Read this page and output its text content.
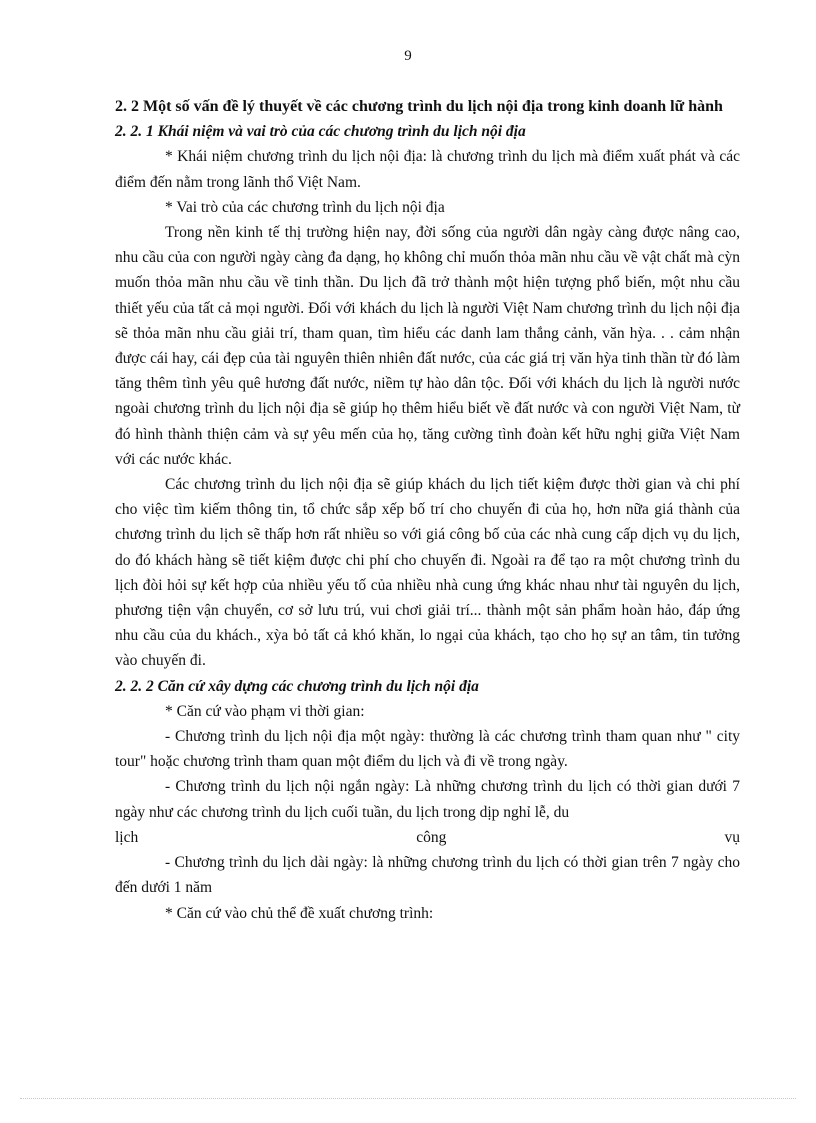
9

2. 2 Một số vấn đề lý thuyết về các chương trình du lịch nội địa trong kinh doanh lữ hành

2. 2. 1 Khái niệm và vai trò của các chương trình du lịch nội địa

* Khái niệm chương trình du lịch nội địa: là chương trình du lịch mà điểm xuất phát và các điểm đến nằm trong lãnh thổ Việt Nam.

* Vai trò của các chương trình du lịch nội địa

Trong nền kinh tế thị trường hiện nay, đời sống của người dân ngày càng được nâng cao, nhu cầu của con người ngày càng đa dạng, họ không chỉ muốn thỏa mãn nhu cầu về vật chất mà cỳn muốn thỏa mãn nhu cầu về tinh thần. Du lịch đã trở thành một hiện tượng phổ biến, một nhu cầu thiết yếu của tất cả mọi người. Đối với khách du lịch là người Việt Nam chương trình du lịch nội địa sẽ thỏa mãn nhu cầu giải trí, tham quan, tìm hiểu các danh lam thắng cảnh, văn hỳa. . . cảm nhận được cái hay, cái đẹp của tài nguyên thiên nhiên đất nước, của các giá trị văn hỳa tinh thần từ đó làm tăng thêm tình yêu quê hương đất nước, niềm tự hào dân tộc. Đối với khách du lịch là người nước ngoài chương trình du lịch nội địa sẽ giúp họ thêm hiểu biết về đất nước và con người Việt Nam, từ đó hình thành thiện cảm và sự yêu mến của họ, tăng cường tình đoàn kết hữu nghị giữa Việt Nam với các nước khác.

Các chương trình du lịch nội địa sẽ giúp khách du lịch tiết kiệm được thời gian và chi phí cho việc tìm kiếm thông tin, tổ chức sắp xếp bố trí cho chuyến đi của họ, hơn nữa giá thành của chương trình du lịch sẽ thấp hơn rất nhiều so với giá công bố của các nhà cung cấp dịch vụ du lịch, do đó khách hàng sẽ tiết kiệm được chi phí cho chuyến đi. Ngoài ra để tạo ra một chương trình du lịch đòi hỏi sự kết hợp của nhiều yếu tố của nhiều nhà cung ứng khác nhau như tài nguyên du lịch, phương tiện vận chuyển, cơ sở lưu trú, vui chơi giải trí... thành một sản phẩm hoàn hảo, đáp ứng nhu cầu của du khách., xỳa bỏ tất cả khó khăn, lo ngại của khách, tạo cho họ sự an tâm, tin tưởng vào chuyến đi.

2. 2. 2 Căn cứ xây dựng các chương trình du lịch nội địa

* Căn cứ vào phạm vi thời gian:

- Chương trình du lịch nội địa một ngày: thường là các chương trình tham quan như " city tour" hoặc chương trình tham quan một điểm du lịch và đi về trong ngày.

- Chương trình du lịch nội ngắn ngày: Là những chương trình du lịch có thời gian dưới 7 ngày như các chương trình du lịch cuối tuần, du lịch trong dịp nghỉ lễ, du

lịch công vụ

- Chương trình du lịch dài ngày: là những chương trình du lịch có thời gian trên 7 ngày cho đến dưới 1 năm

* Căn cứ vào chủ thể đề xuất chương trình:
